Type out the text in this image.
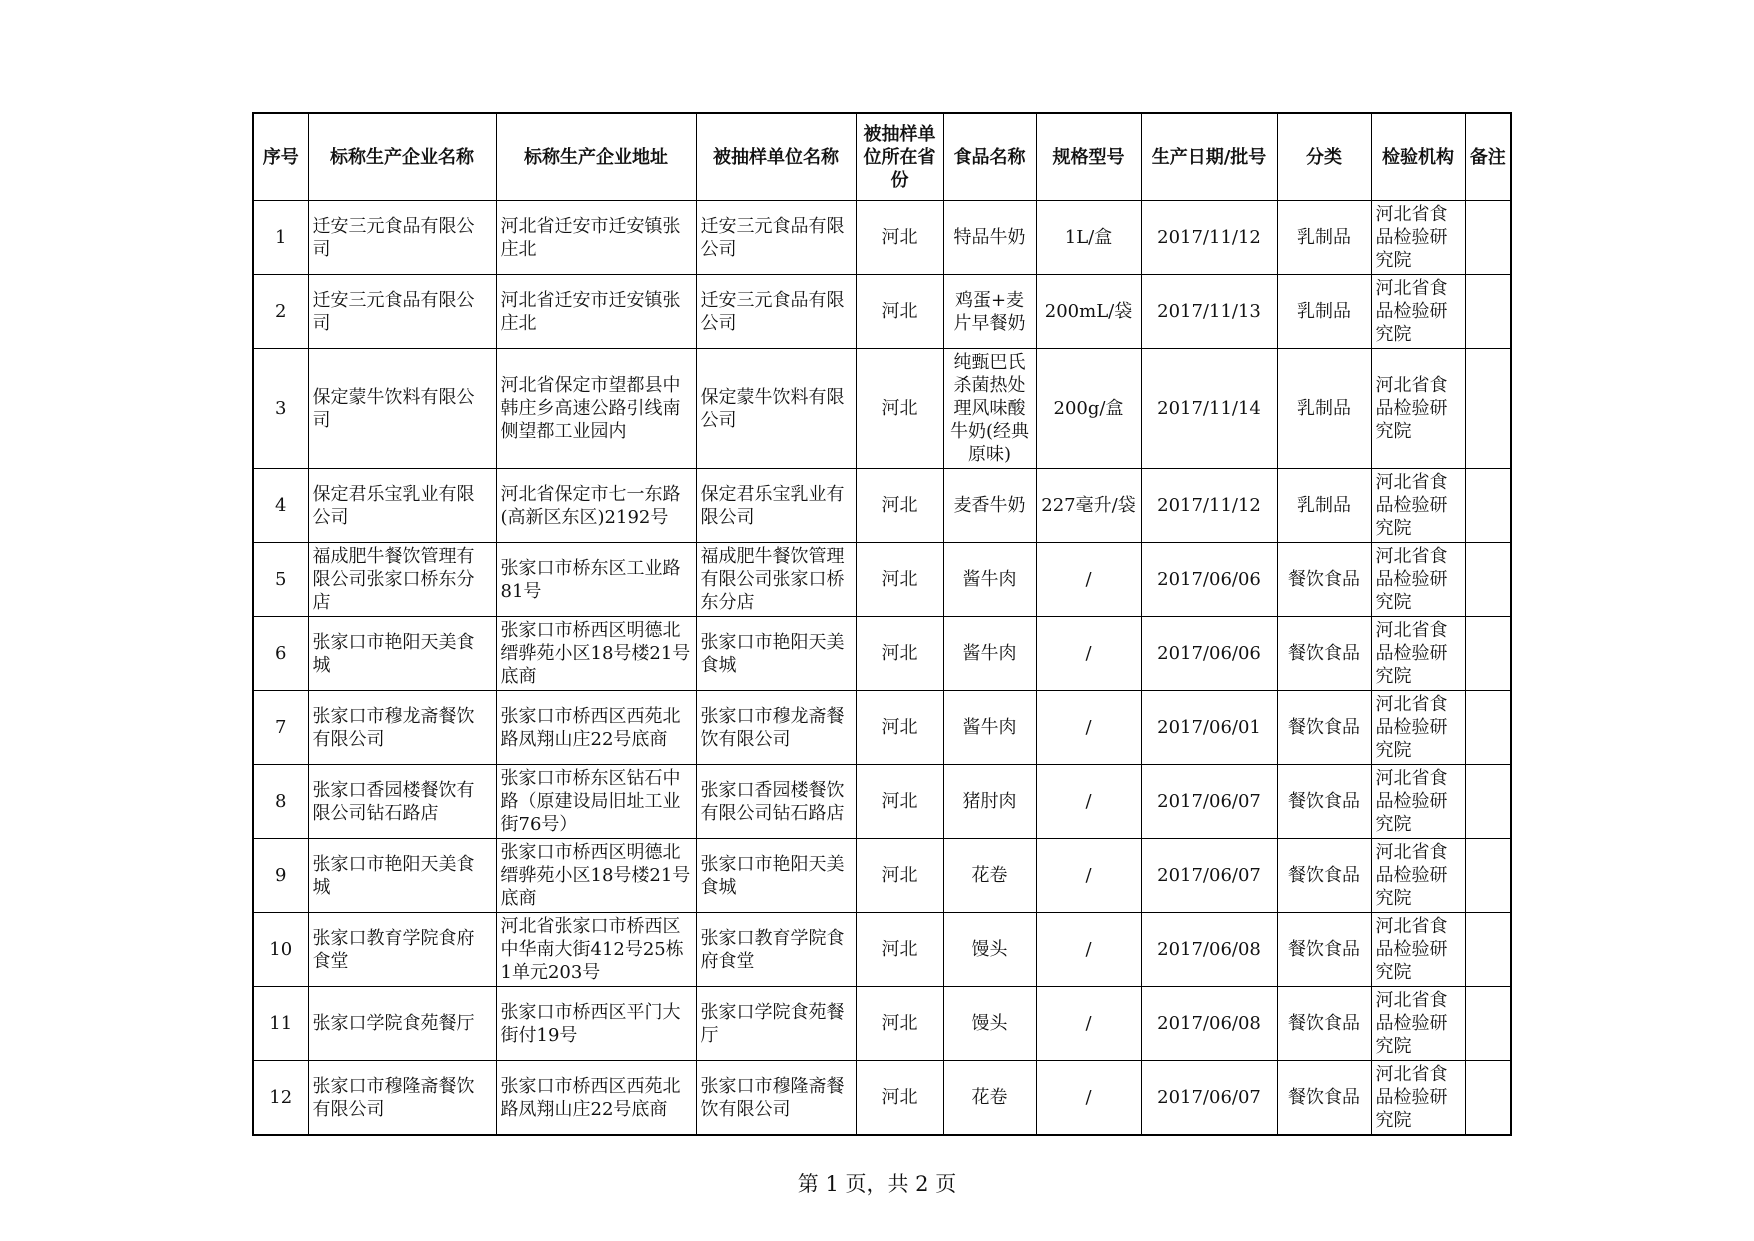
序号	标称生产企业名称	标称生产企业地址	被抽样单位名称	被抽样单位所在省份	食品名称	规格型号	生产日期/批号	分类	检验机构	备注
1	迁安三元食品有限公司	河北省迁安市迁安镇张庄北	迁安三元食品有限公司	河北	特品牛奶	1L/盒	2017/11/12	乳制品	河北省食品检验研究院	
2	迁安三元食品有限公司	河北省迁安市迁安镇张庄北	迁安三元食品有限公司	河北	鸡蛋+麦片早餐奶	200mL/袋	2017/11/13	乳制品	河北省食品检验研究院	
3	保定蒙牛饮料有限公司	河北省保定市望都县中韩庄乡高速公路引线南侧望都工业园内	保定蒙牛饮料有限公司	河北	纯甄巴氏杀菌热处理风味酸牛奶(经典原味)	200g/盒	2017/11/14	乳制品	河北省食品检验研究院	
4	保定君乐宝乳业有限公司	河北省保定市七一东路(高新区东区)2192号	保定君乐宝乳业有限公司	河北	麦香牛奶	227毫升/袋	2017/11/12	乳制品	河北省食品检验研究院	
5	福成肥牛餐饮管理有限公司张家口桥东分店	张家口市桥东区工业路81号	福成肥牛餐饮管理有限公司张家口桥东分店	河北	酱牛肉	/	2017/06/06	餐饮食品	河北省食品检验研究院	
6	张家口市艳阳天美食城	张家口市桥西区明德北缙骅苑小区18号楼21号底商	张家口市艳阳天美食城	河北	酱牛肉	/	2017/06/06	餐饮食品	河北省食品检验研究院	
7	张家口市穆龙斋餐饮有限公司	张家口市桥西区西苑北路凤翔山庄22号底商	张家口市穆龙斋餐饮有限公司	河北	酱牛肉	/	2017/06/01	餐饮食品	河北省食品检验研究院	
8	张家口香园楼餐饮有限公司钻石路店	张家口市桥东区钻石中路（原建设局旧址工业街76号）	张家口香园楼餐饮有限公司钻石路店	河北	猪肘肉	/	2017/06/07	餐饮食品	河北省食品检验研究院	
9	张家口市艳阳天美食城	张家口市桥西区明德北缙骅苑小区18号楼21号底商	张家口市艳阳天美食城	河北	花卷	/	2017/06/07	餐饮食品	河北省食品检验研究院	
10	张家口教育学院食府食堂	河北省张家口市桥西区中华南大街412号25栋1单元203号	张家口教育学院食府食堂	河北	馒头	/	2017/06/08	餐饮食品	河北省食品检验研究院	
11	张家口学院食苑餐厅	张家口市桥西区平门大街付19号	张家口学院食苑餐厅	河北	馒头	/	2017/06/08	餐饮食品	河北省食品检验研究院	
12	张家口市穆隆斋餐饮有限公司	张家口市桥西区西苑北路凤翔山庄22号底商	张家口市穆隆斋餐饮有限公司	河北	花卷	/	2017/06/07	餐饮食品	河北省食品检验研究院	
第 1 页，共 2 页
